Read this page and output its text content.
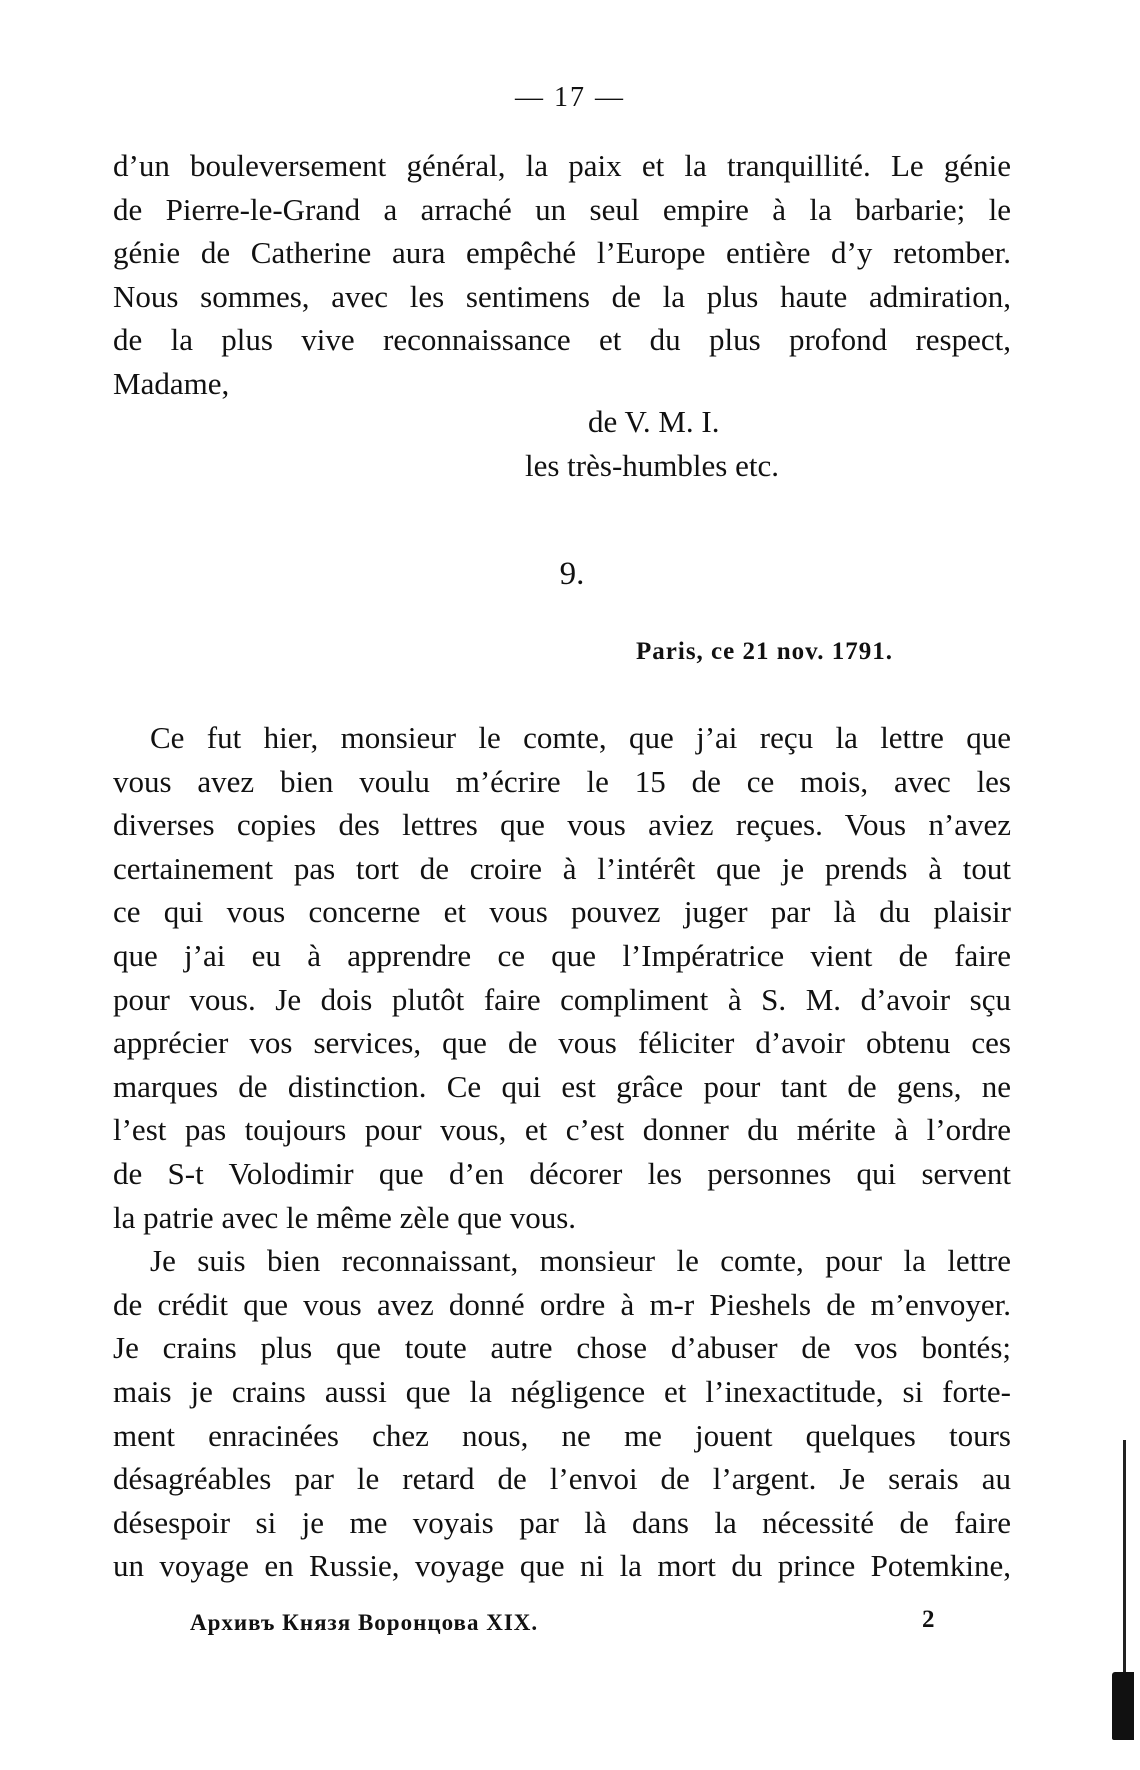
— 17 —
d’un bouleversement général, la paix et la tranquillité. Le génie
de Pierre-le-Grand a arraché un seul empire à la barbarie; le
génie de Catherine aura empêché l’Europe entière d’y retomber.
Nous sommes, avec les sentimens de la plus haute admiration,
de la plus vive reconnaissance et du plus profond respect,
Madame,
de V. M. I.
les très-humbles etc.
9.
Paris, ce 21 nov. 1791.
Ce fut hier, monsieur le comte, que j’ai reçu la lettre que
vous avez bien voulu m’écrire le 15 de ce mois, avec les
diverses copies des lettres que vous aviez reçues. Vous n’avez
certainement pas tort de croire à l’intérêt que je prends à tout
ce qui vous concerne et vous pouvez juger par là du plaisir
que j’ai eu à apprendre ce que l’Impératrice vient de faire
pour vous. Je dois plutôt faire compliment à S. M. d’avoir sçu
apprécier vos services, que de vous féliciter d’avoir obtenu ces
marques de distinction. Ce qui est grâce pour tant de gens, ne
l’est pas toujours pour vous, et c’est donner du mérite à l’ordre
de S-t Volodimir que d’en décorer les personnes qui servent
la patrie avec le même zèle que vous.
Je suis bien reconnaissant, monsieur le comte, pour la lettre
de crédit que vous avez donné ordre à m-r Pieshels de m’envoyer.
Je crains plus que toute autre chose d’abuser de vos bontés;
mais je crains aussi que la négligence et l’inexactitude, si forte-
ment enracinées chez nous, ne me jouent quelques tours
désagréables par le retard de l’envoi de l’argent. Je serais au
désespoir si je me voyais par là dans la nécessité de faire
un voyage en Russie, voyage que ni la mort du prince Potemkine,
Архивъ Князя Воронцова XIX.	2
